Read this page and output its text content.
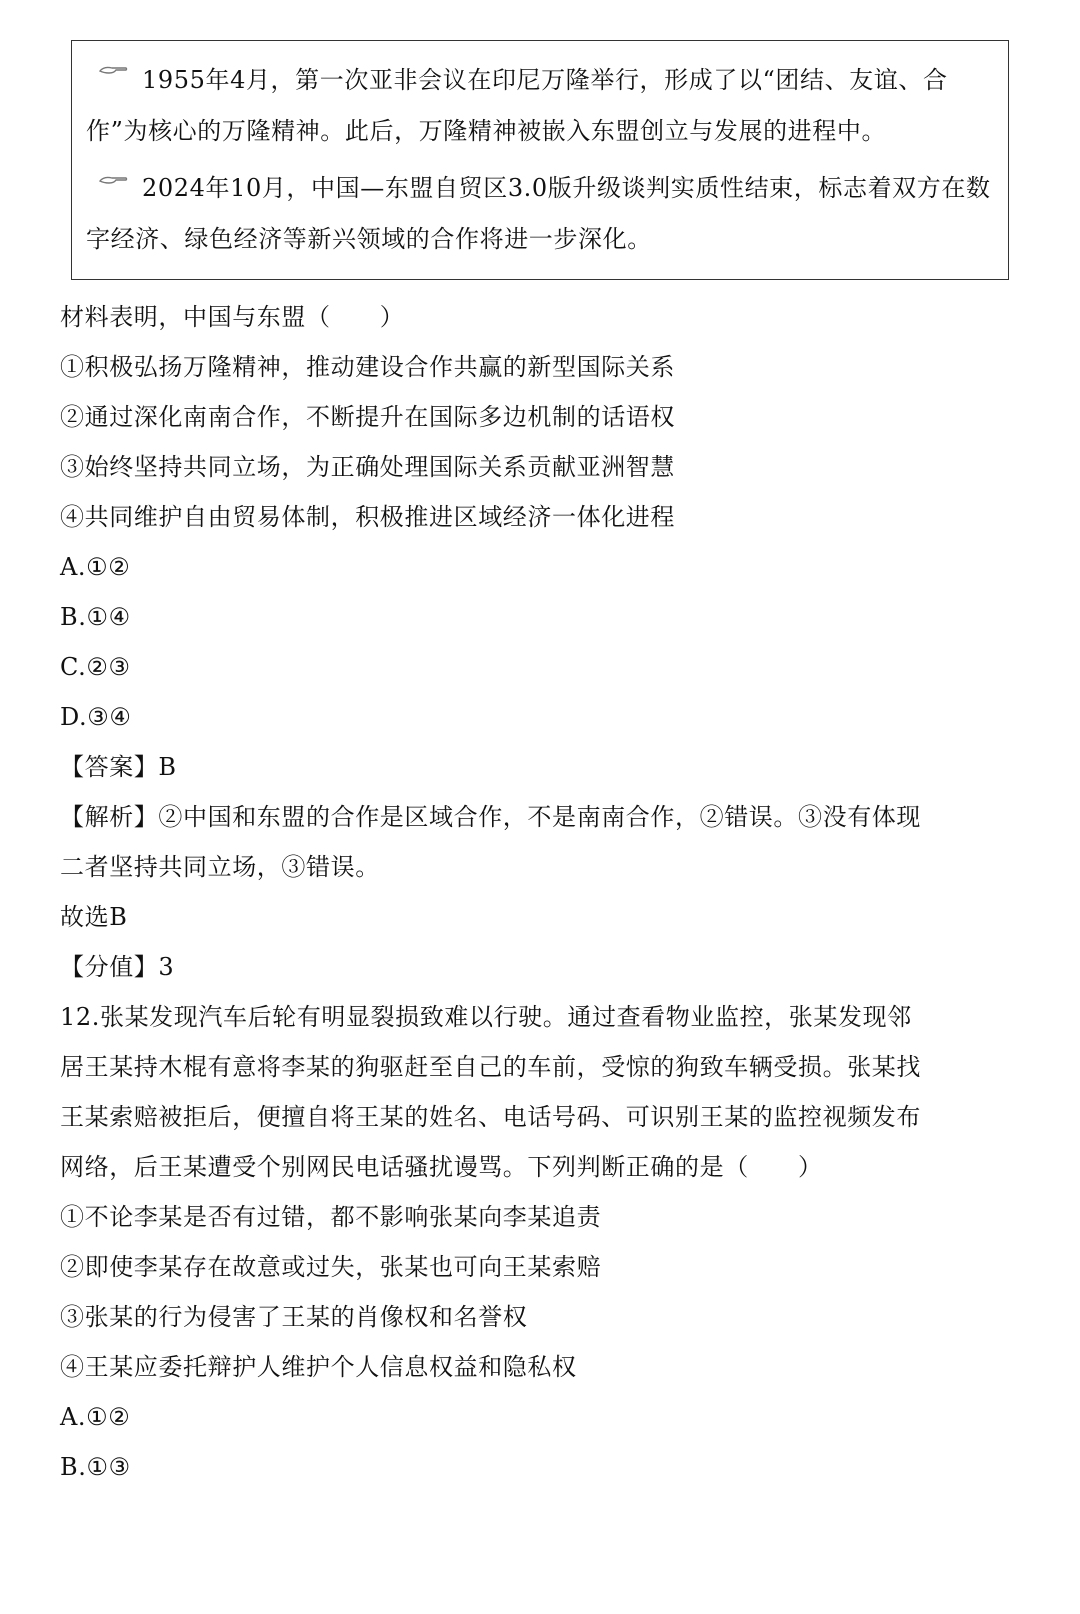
1955年4月，第一次亚非会议在印尼万隆举行，形成了以“团结、友谊、合作”为核心的万隆精神。此后，万隆精神被嵌入东盟创立与发展的进程中。
2024年10月，中国—东盟自贸区3.0版升级谈判实质性结束，标志着双方在数字经济、绿色经济等新兴领域的合作将进一步深化。
材料表明，中国与东盟（　　）
①积极弘扬万隆精神，推动建设合作共赢的新型国际关系
②通过深化南南合作，不断提升在国际多边机制的话语权
③始终坚持共同立场，为正确处理国际关系贡献亚洲智慧
④共同维护自由贸易体制，积极推进区域经济一体化进程
A.①②
B.①④
C.②③
D.③④
【答案】B
【解析】②中国和东盟的合作是区域合作，不是南南合作，②错误。③没有体现
二者坚持共同立场，③错误。
故选B
【分值】3
12.张某发现汽车后轮有明显裂损致难以行驶。通过查看物业监控，张某发现邻
居王某持木棍有意将李某的狗驱赶至自己的车前，受惊的狗致车辆受损。张某找
王某索赔被拒后，便擅自将王某的姓名、电话号码、可识别王某的监控视频发布
网络，后王某遭受个别网民电话骚扰谩骂。下列判断正确的是（　　）
①不论李某是否有过错，都不影响张某向李某追责
②即使李某存在故意或过失，张某也可向王某索赔
③张某的行为侵害了王某的肖像权和名誉权
④王某应委托辩护人维护个人信息权益和隐私权
A.①②
B.①③
